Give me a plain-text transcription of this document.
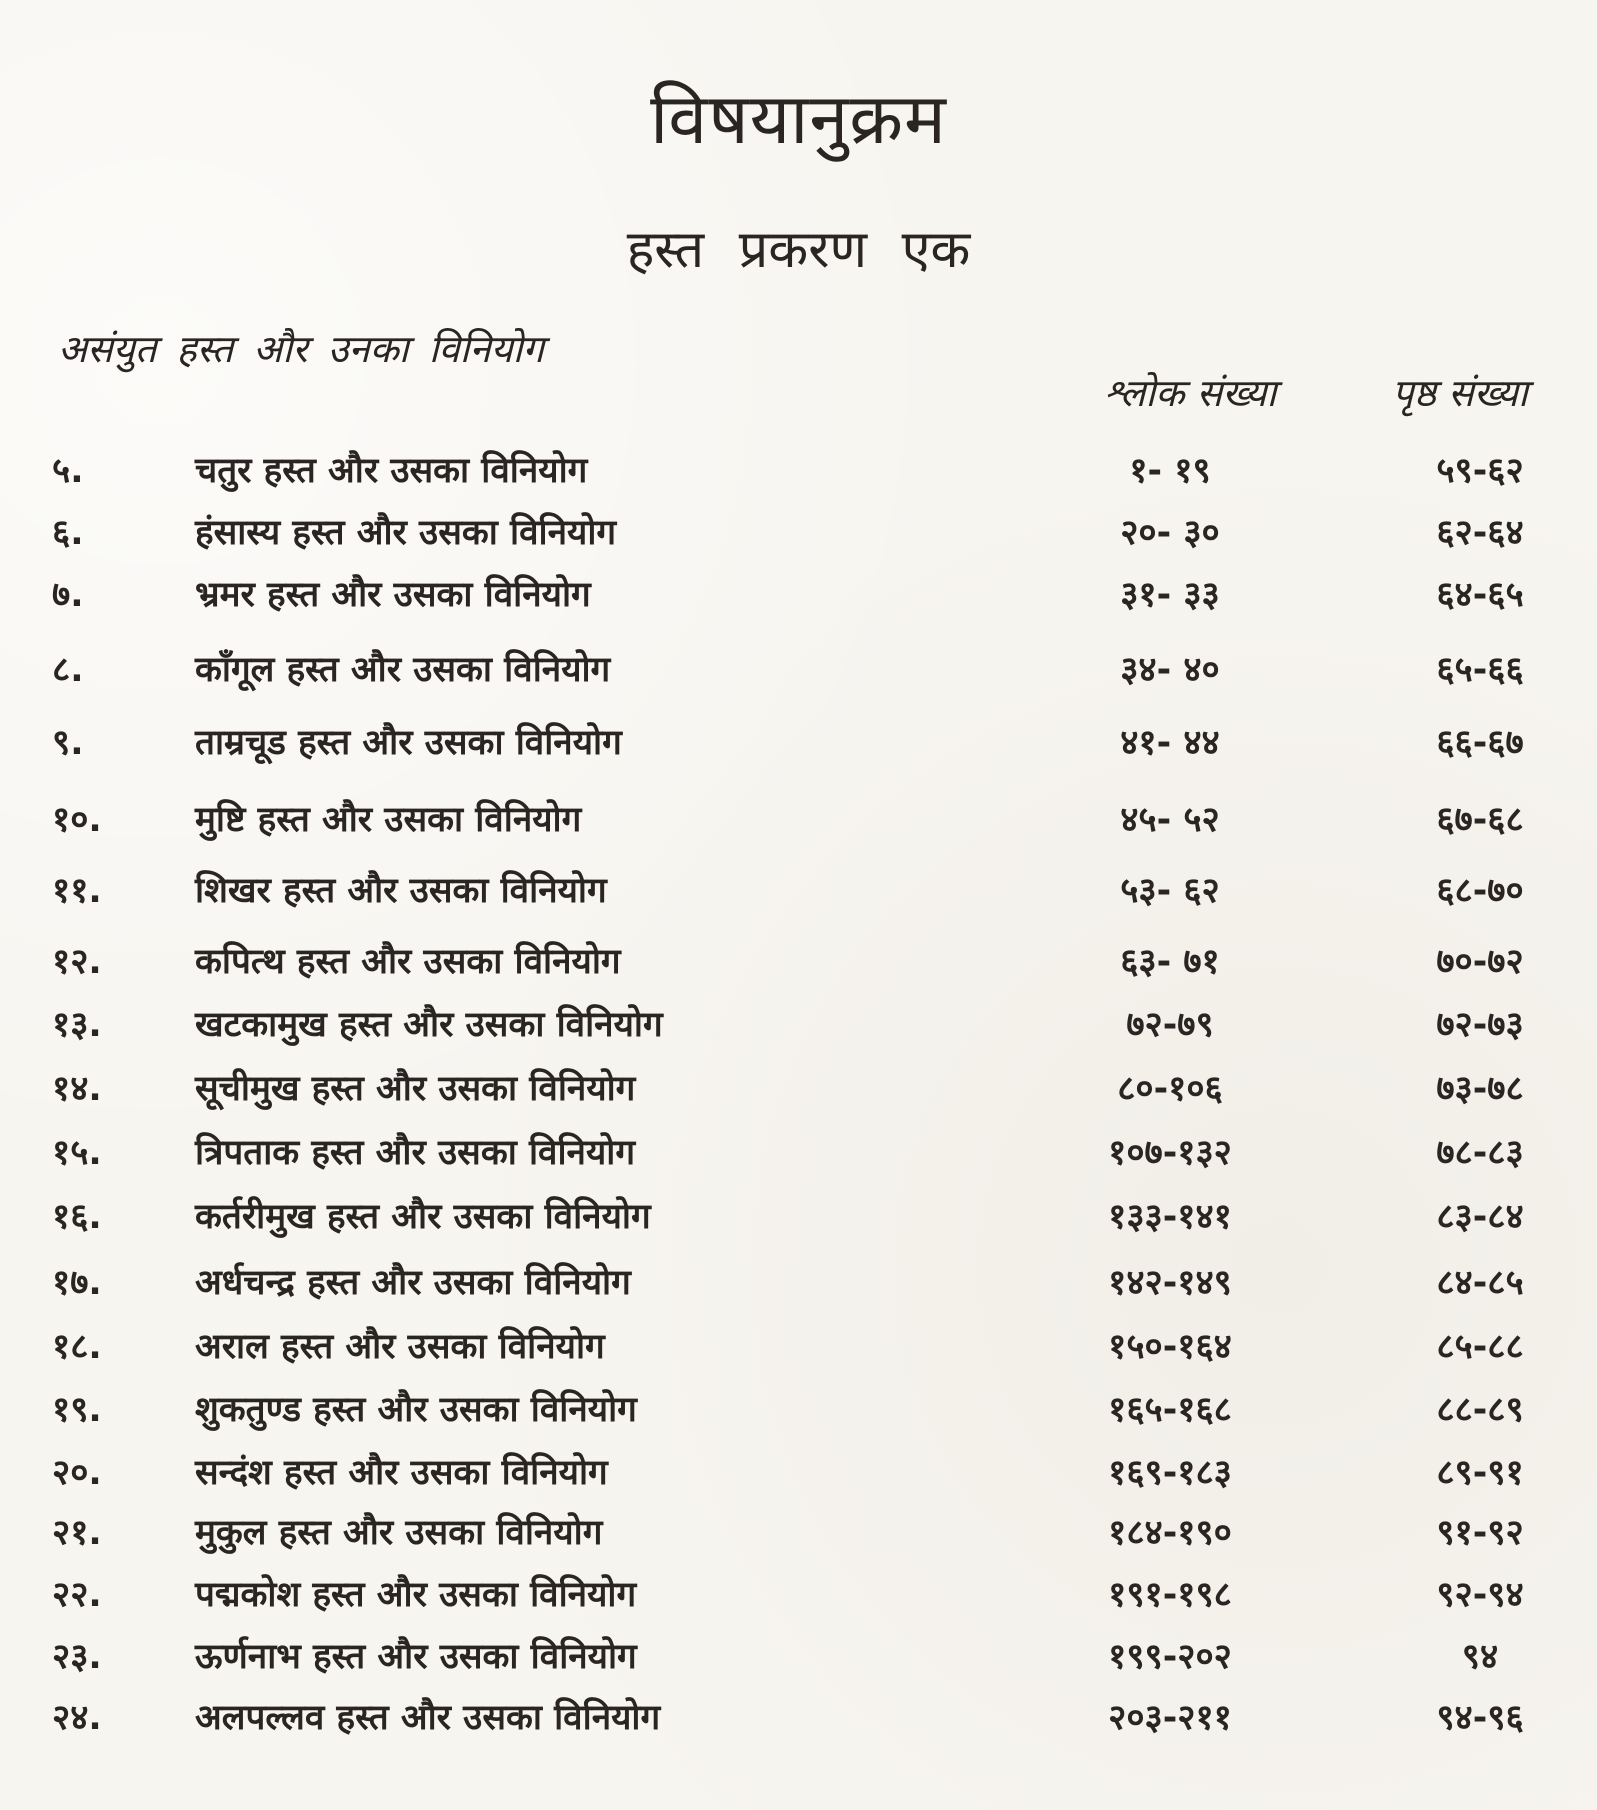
विषयानुक्रम
हस्त प्रकरण एक
असंयुत हस्त और उनका विनियोग
श्लोक संख्या	पृष्ठ संख्या
५.	चतुर हस्त और उसका विनियोग	१- १९	५९-६२
६.	हंसास्य हस्त और उसका विनियोग	२०- ३०	६२-६४
७.	भ्रमर हस्त और उसका विनियोग	३१- ३३	६४-६५
८.	काँगूल हस्त और उसका विनियोग	३४- ४०	६५-६६
९.	ताम्रचूड हस्त और उसका विनियोग	४१- ४४	६६-६७
१०.	मुष्टि हस्त और उसका विनियोग	४५- ५२	६७-६८
११.	शिखर हस्त और उसका विनियोग	५३- ६२	६८-७०
१२.	कपित्थ हस्त और उसका विनियोग	६३- ७१	७०-७२
१३.	खटकामुख हस्त और उसका विनियोग	७२-७९	७२-७३
१४.	सूचीमुख हस्त और उसका विनियोग	८०-१०६	७३-७८
१५.	त्रिपताक हस्त और उसका विनियोग	१०७-१३२	७८-८३
१६.	कर्तरीमुख हस्त और उसका विनियोग	१३३-१४१	८३-८४
१७.	अर्धचन्द्र हस्त और उसका विनियोग	१४२-१४९	८४-८५
१८.	अराल हस्त और उसका विनियोग	१५०-१६४	८५-८८
१९.	शुकतुण्ड हस्त और उसका विनियोग	१६५-१६८	८८-८९
२०.	सन्दंश हस्त और उसका विनियोग	१६९-१८३	८९-९१
२१.	मुकुल हस्त और उसका विनियोग	१८४-१९०	९१-९२
२२.	पद्मकोश हस्त और उसका विनियोग	१९१-१९८	९२-९४
२३.	ऊर्णनाभ हस्त और उसका विनियोग	१९९-२०२	९४
२४.	अलपल्लव हस्त और उसका विनियोग	२०३-२११	९४-९६
